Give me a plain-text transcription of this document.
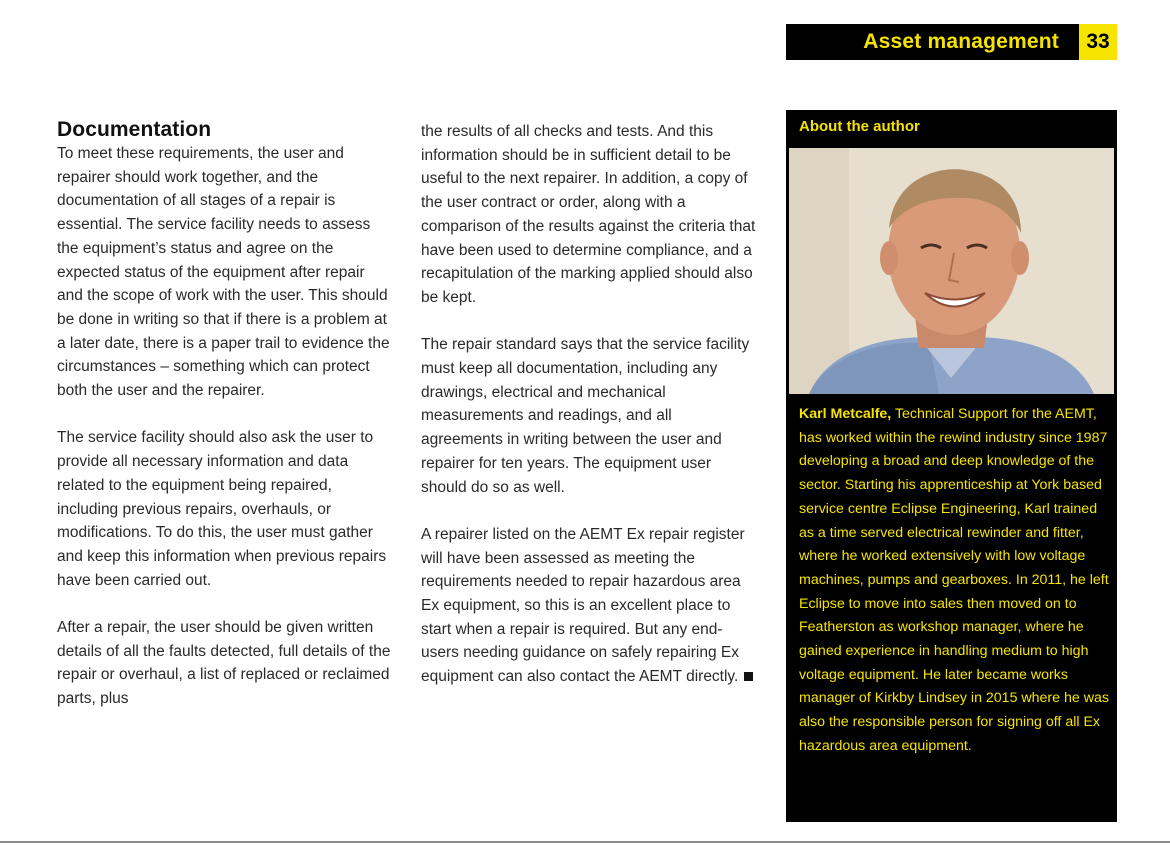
Asset management	33
Documentation

To meet these requirements, the user and repairer should work together, and the documentation of all stages of a repair is essential. The service facility needs to assess the equipment’s status and agree on the expected status of the equipment after repair and the scope of work with the user. This should be done in writing so that if there is a problem at a later date, there is a paper trail to evidence the circumstances – something which can protect both the user and the repairer.

The service facility should also ask the user to provide all necessary information and data related to the equipment being repaired, including previous repairs, overhauls, or modifications. To do this, the user must gather and keep this information when previous repairs have been carried out.

After a repair, the user should be given written details of all the faults detected, full details of the repair or overhaul, a list of replaced or reclaimed parts, plus

the results of all checks and tests. And this information should be in sufficient detail to be useful to the next repairer. In addition, a copy of the user contract or order, along with a comparison of the results against the criteria that have been used to determine compliance, and a recapitulation of the marking applied should also be kept.

The repair standard says that the service facility must keep all documentation, including any drawings, electrical and mechanical measurements and readings, and all agreements in writing between the user and repairer for ten years. The equipment user should do so as well.

A repairer listed on the AEMT Ex repair register will have been assessed as meeting the requirements needed to repair hazardous area Ex equipment, so this is an excellent place to start when a repair is required. But any end-users needing guidance on safely repairing Ex equipment can also contact the AEMT directly.

About the author
Karl Metcalfe, Technical Support for the AEMT, has worked within the rewind industry since 1987 developing a broad and deep knowledge of the sector. Starting his apprenticeship at York based service centre Eclipse Engineering, Karl trained as a time served electrical rewinder and fitter, where he worked extensively with low voltage machines, pumps and gearboxes. In 2011, he left Eclipse to move into sales then moved on to Featherston as workshop manager, where he gained experience in handling medium to high voltage equipment. He later became works manager of Kirkby Lindsey in 2015 where he was also the responsible person for signing off all Ex hazardous area equipment.
